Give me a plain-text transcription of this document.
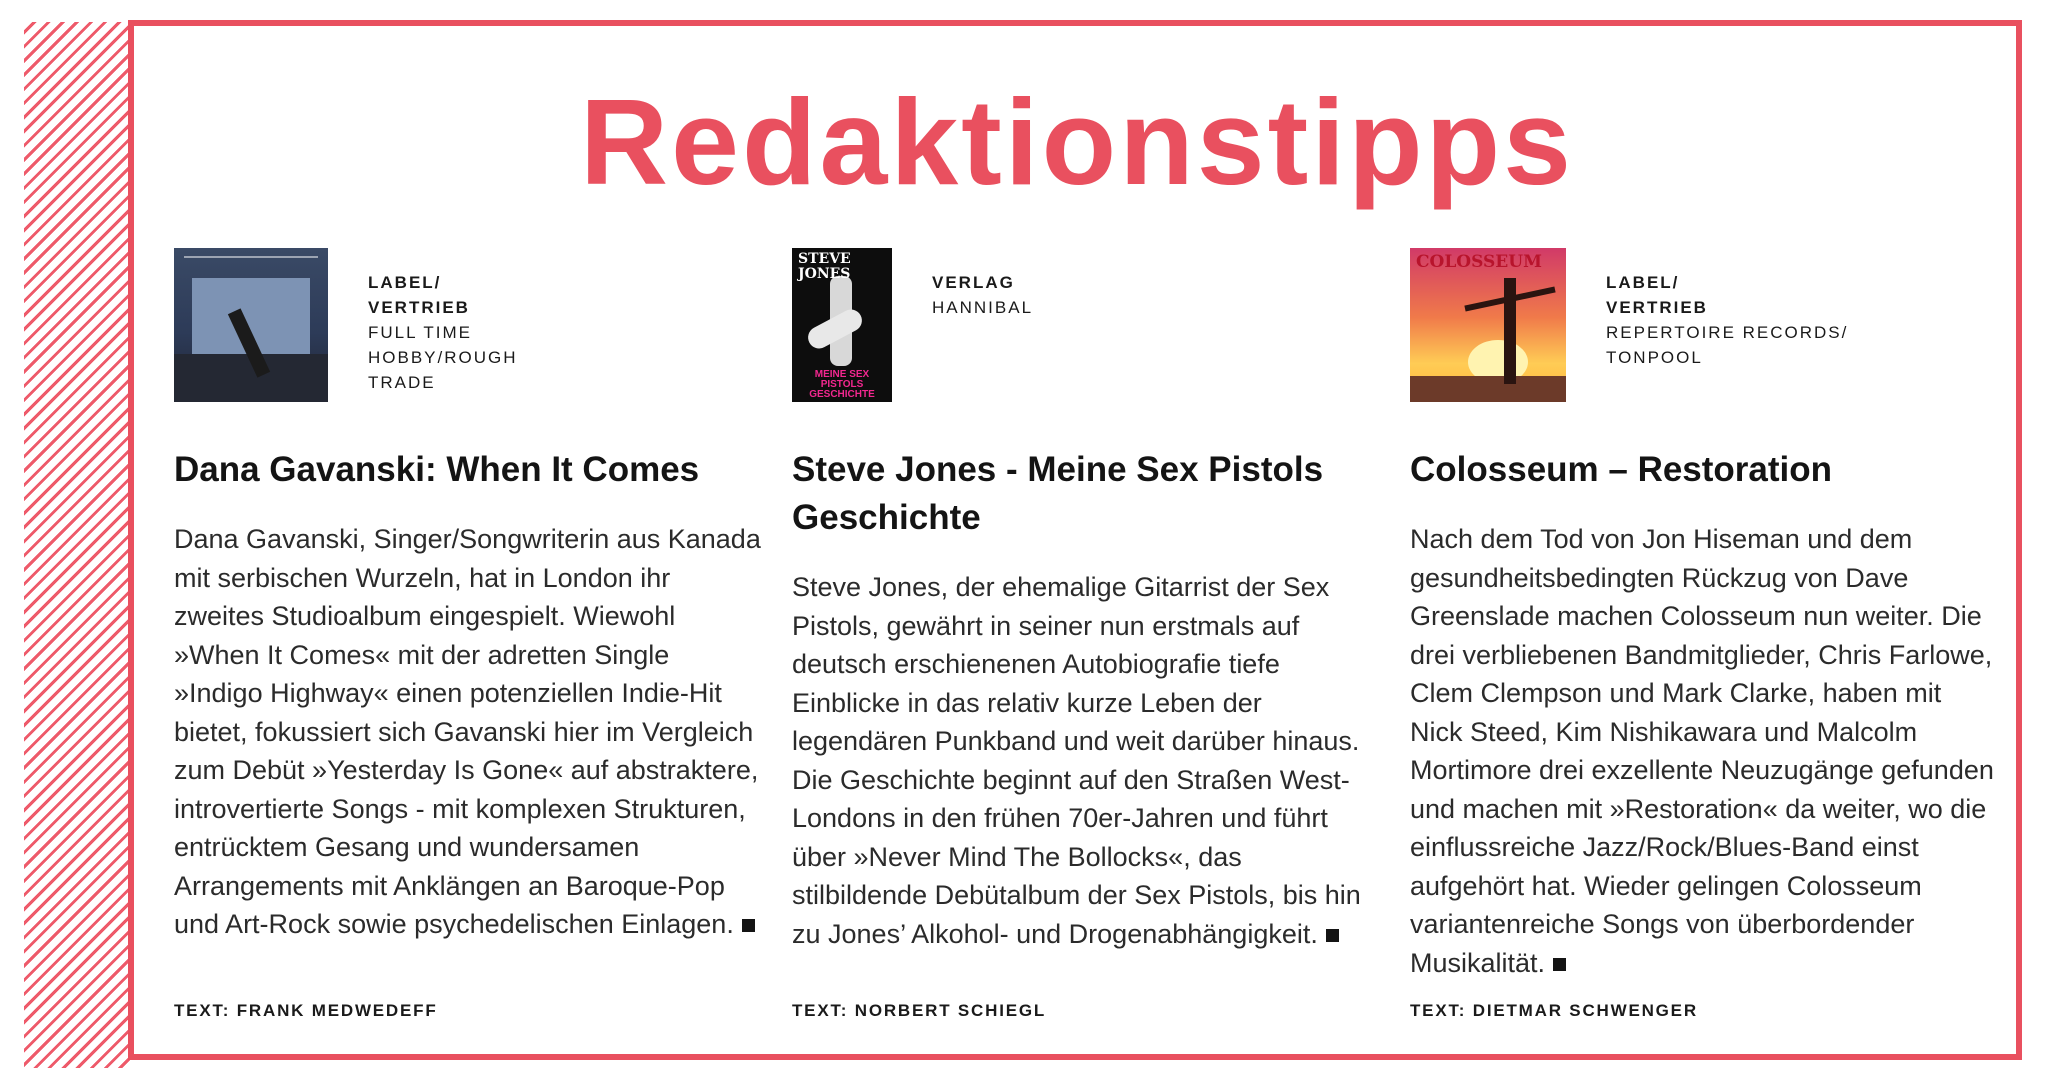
Redaktionstipps
LABEL/
VERTRIEB
FULL TIME
HOBBY/ROUGH
TRADE
Dana Gavanski: When It Comes

Dana Gavanski, Singer/Songwriterin aus Kanada mit serbischen Wurzeln, hat in London ihr zweites Studioalbum eingespielt. Wiewohl »When It Comes« mit der adretten Single »Indigo Highway« einen potenziellen Indie-Hit bietet, fokussiert sich Gavanski hier im Vergleich zum Debüt »Yesterday Is Gone« auf abstraktere, introvertierte Songs - mit komplexen Strukturen, entrücktem Gesang und wundersamen Arrangements mit Anklängen an Baroque-Pop und Art-Rock sowie psychedelischen Einlagen.

TEXT: FRANK MEDWEDEFF
STEVE JONES
MEINE SEX PISTOLS GESCHICHTE
VERLAG
HANNIBAL
Steve Jones - Meine Sex Pistols Geschichte

Steve Jones, der ehemalige Gitarrist der Sex Pistols, gewährt in seiner nun erstmals auf deutsch erschienenen Autobiografie tiefe Einblicke in das relativ kurze Leben der legendären Punkband und weit darüber hinaus. Die Geschichte beginnt auf den Straßen West-Londons in den frühen 70er-Jahren und führt über »Never Mind The Bollocks«, das stilbildende Debütalbum der Sex Pistols, bis hin zu Jones’ Alkohol- und Drogenabhängigkeit.

TEXT: NORBERT SCHIEGL
COLOSSEUM
LABEL/
VERTRIEB
REPERTOIRE RECORDS/
TONPOOL
Colosseum – Restoration

Nach dem Tod von Jon Hiseman und dem gesundheitsbedingten Rückzug von Dave Greenslade machen Colosseum nun weiter. Die drei verbliebenen Bandmitglieder, Chris Farlowe, Clem Clempson und Mark Clarke, haben mit Nick Steed, Kim Nishikawara und Malcolm Mortimore drei exzellente Neuzugänge gefunden und machen mit »Restoration« da weiter, wo die einflussreiche Jazz/Rock/Blues-Band einst aufgehört hat. Wieder gelingen Colosseum variantenreiche Songs von überbordender Musikalität.

TEXT: DIETMAR SCHWENGER
